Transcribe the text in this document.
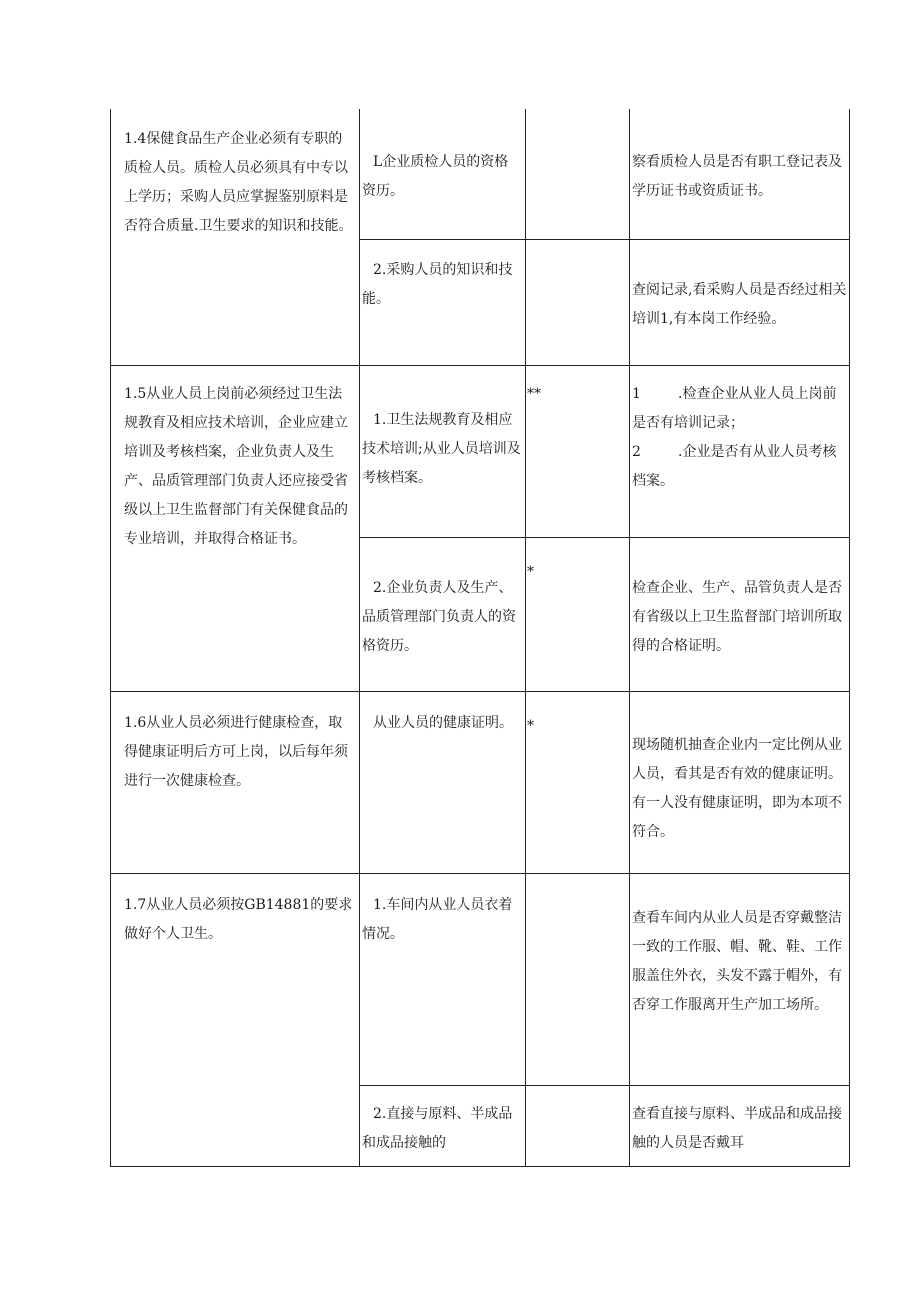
1.4保健食品生产企业必须有专职的质检人员。质检人员必须具有中专以上学历；采购人员应掌握鉴别原料是否符合质量.卫生要求的知识和技能。	L企业质检人员的资格资历。		察看质检人员是否有职工登记表及学历证书或资质证书。

	2.采购人员的知识和技能。		查阅记录,看采购人员是否经过相关培训1,有本岗工作经验。

1.5从业人员上岗前必须经过卫生法规教育及相应技术培训，企业应建立培训及考核档案，企业负责人及生产、品质管理部门负责人还应接受省级以上卫生监督部门有关保健食品的专业培训，并取得合格证书。	1.卫生法规教育及相应技术培训;从业人员培训及考核档案。	**	1 .检查企业从业人员上岗前是否有培训记录；
2 .企业是否有从业人员考核档案。

	2.企业负责人及生产、品质管理部门负责人的资格资历。	*	检查企业、生产、品管负责人是否有省级以上卫生监督部门培训所取得的合格证明。

1.6从业人员必须进行健康检查，取得健康证明后方可上岗，以后每年须进行一次健康检查。	从业人员的健康证明。	*	现场随机抽查企业内一定比例从业人员，看其是否有效的健康证明。有一人没有健康证明，即为本项不符合。

1.7从业人员必须按GB14881的要求做好个人卫生。	1.车间内从业人员衣着情况。		查看车间内从业人员是否穿戴整洁一致的工作服、帽、靴、鞋、工作服盖住外衣，头发不露于帽外，有否穿工作服离开生产加工场所。

	2.直接与原料、半成品和成品接触的		查看直接与原料、半成品和成品接触的人员是否戴耳
